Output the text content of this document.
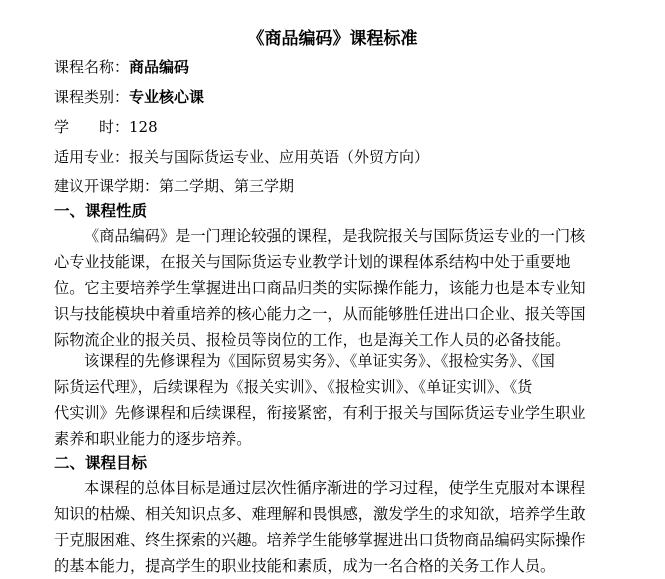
《商品编码》课程标准
课程名称：商品编码
课程类别：专业核心课
学　　时：128
适用专业：报关与国际货运专业、应用英语（外贸方向）
建议开课学期：第二学期、第三学期
一、课程性质
《商品编码》是一门理论较强的课程，是我院报关与国际货运专业的一门核
心专业技能课，在报关与国际货运专业教学计划的课程体系结构中处于重要地
位。它主要培养学生掌握进出口商品归类的实际操作能力，该能力也是本专业知
识与技能模块中着重培养的核心能力之一，从而能够胜任进出口企业、报关等国
际物流企业的报关员、报检员等岗位的工作，也是海关工作人员的必备技能。
该课程的先修课程为《国际贸易实务》、《单证实务》、《报检实务》、《国
际货运代理》，后续课程为《报关实训》、《报检实训》、《单证实训》、《货
代实训》先修课程和后续课程，衔接紧密，有利于报关与国际货运专业学生职业
素养和职业能力的逐步培养。
二、课程目标
本课程的总体目标是通过层次性循序渐进的学习过程，使学生克服对本课程
知识的枯燥、相关知识点多、难理解和畏惧感，激发学生的求知欲，培养学生敢
于克服困难、终生探索的兴趣。培养学生能够掌握进出口货物商品编码实际操作
的基本能力，提高学生的职业技能和素质，成为一名合格的关务工作人员。
